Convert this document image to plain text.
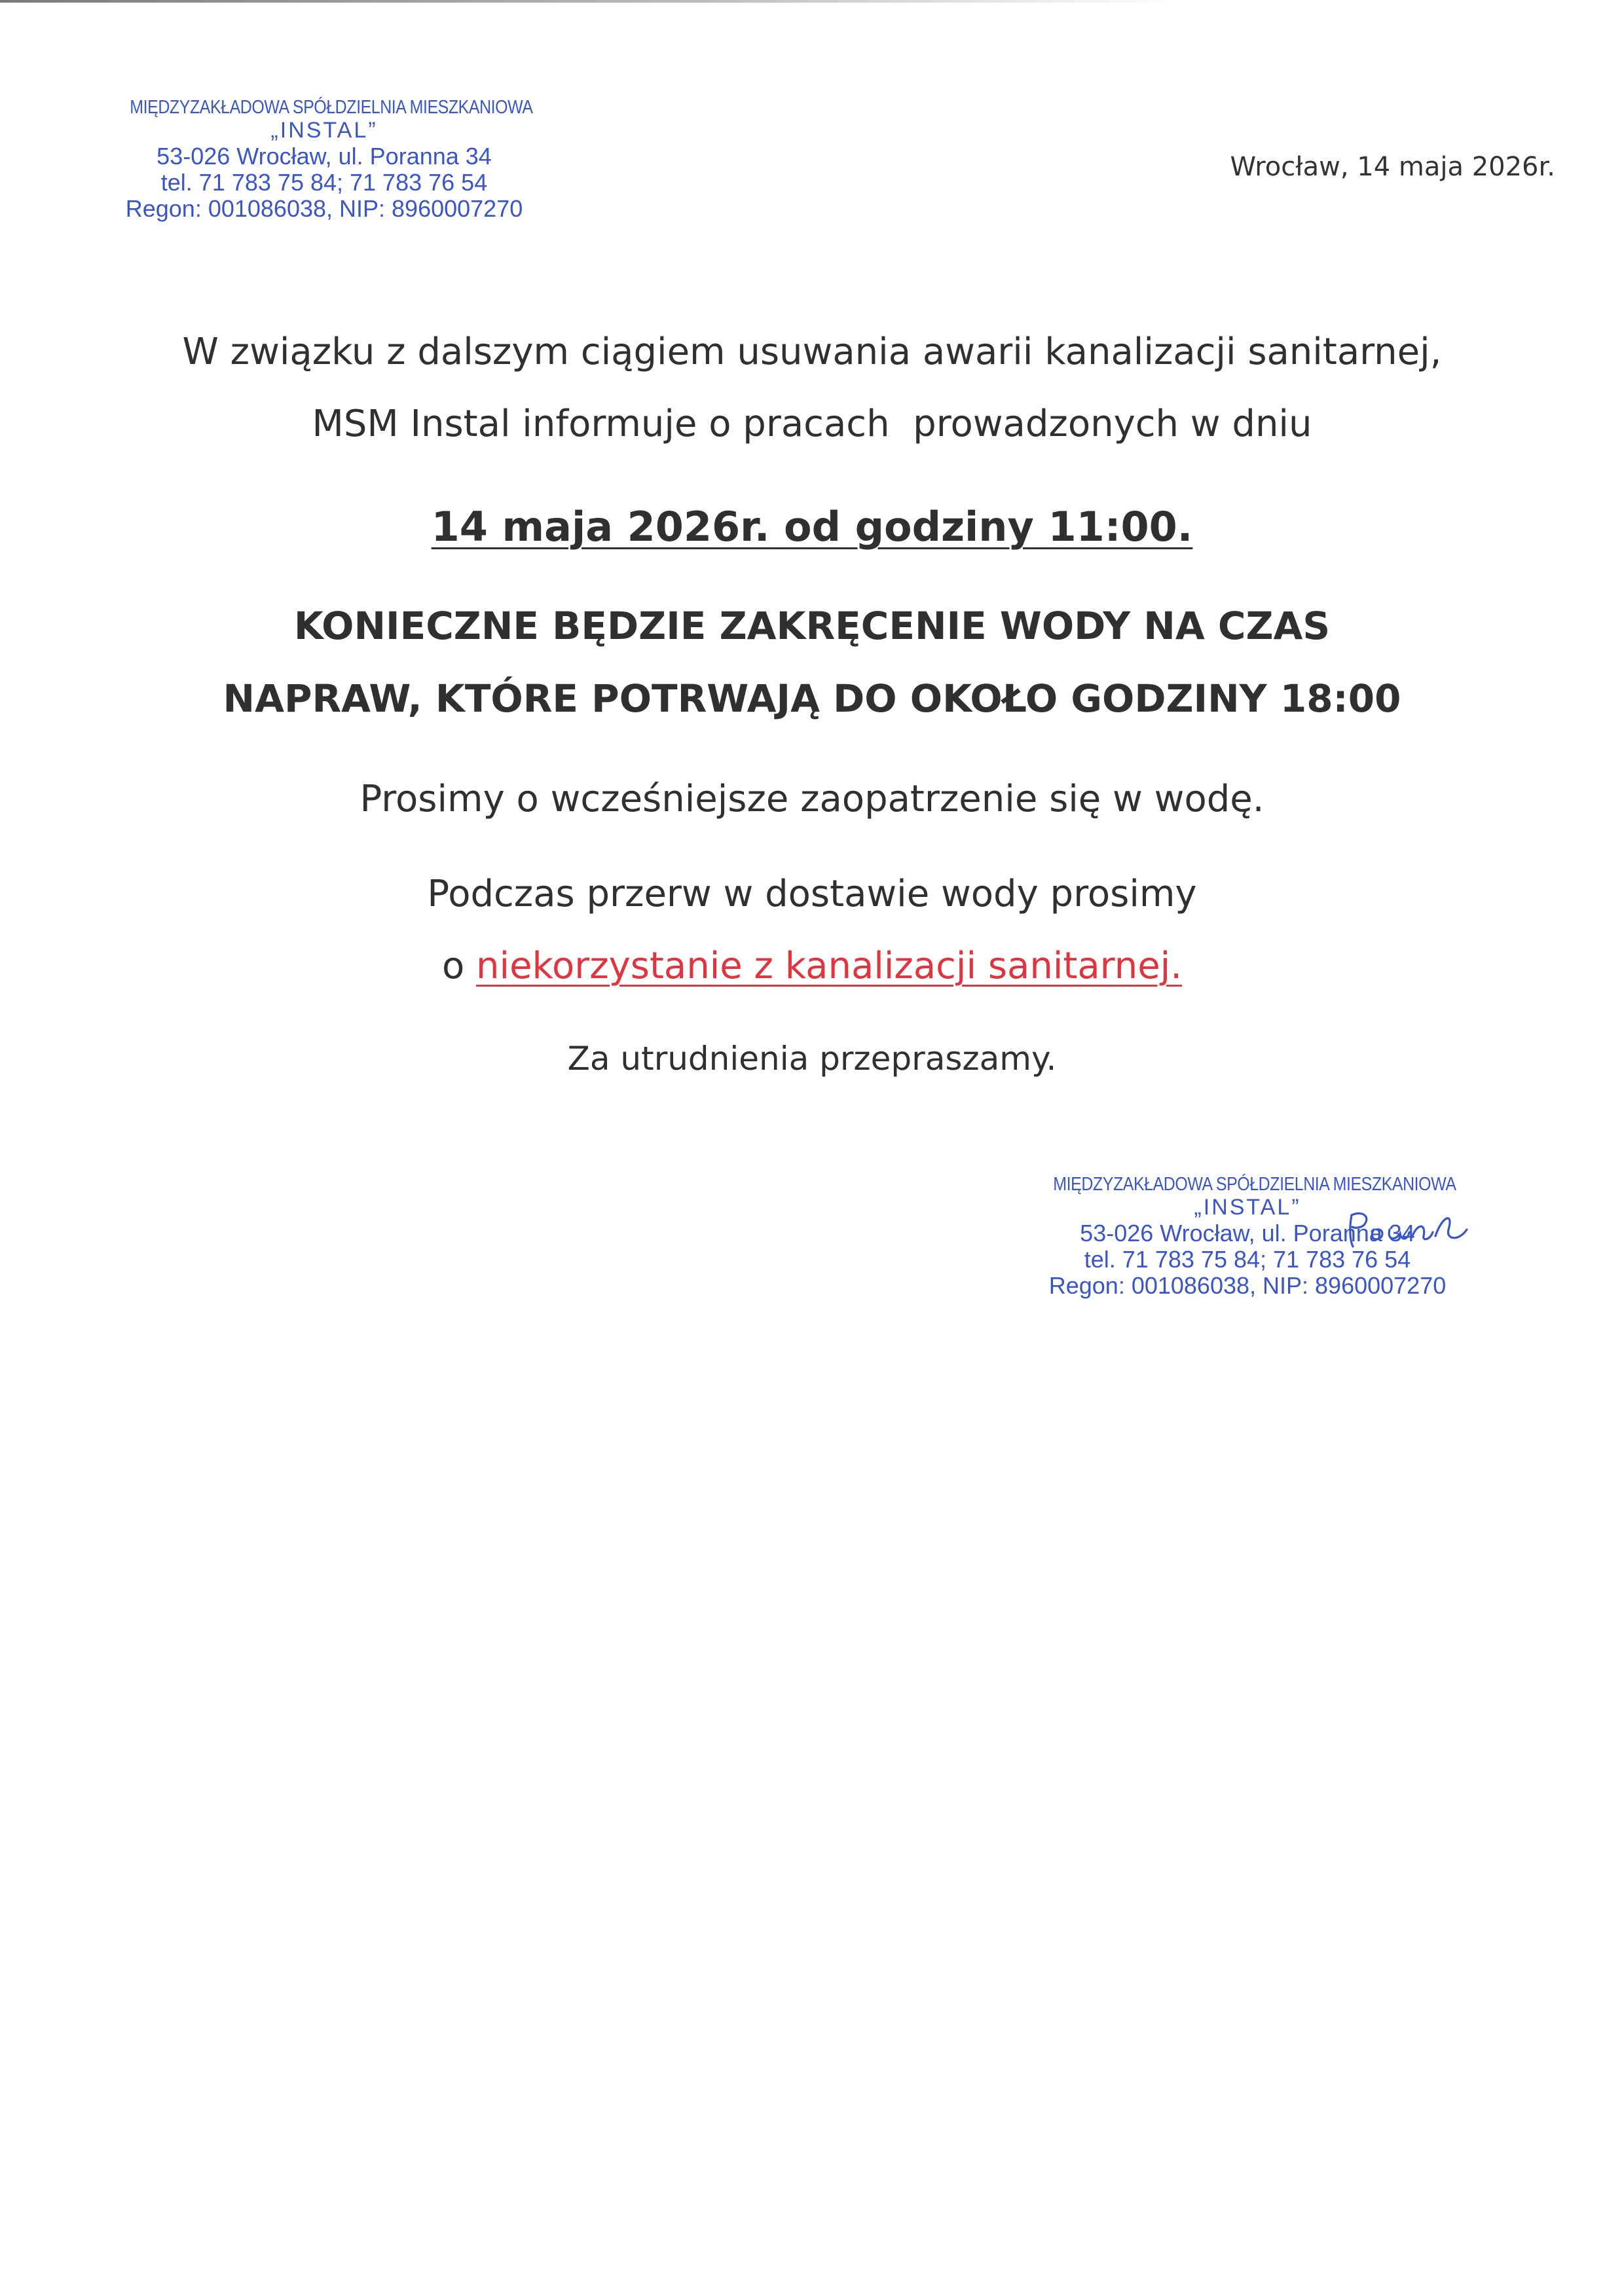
MIĘDZYZAKŁADOWA SPÓŁDZIELNIA MIESZKANIOWA
„INSTAL”
53-026 Wrocław, ul. Poranna 34
tel. 71 783 75 84; 71 783 76 54
Regon: 001086038, NIP: 8960007270
Wrocław, 14 maja 2026r.
W związku z dalszym ciągiem usuwania awarii kanalizacji sanitarnej,
MSM Instal informuje o pracach  prowadzonych w dniu
14 maja 2026r. od godziny 11:00.
KONIECZNE BĘDZIE ZAKRĘCENIE WODY NA CZAS
NAPRAW, KTÓRE POTRWAJĄ DO OKOŁO GODZINY 18:00
Prosimy o wcześniejsze zaopatrzenie się w wodę.
Podczas przerw w dostawie wody prosimy
o niekorzystanie z kanalizacji sanitarnej.
Za utrudnienia przepraszamy.
MIĘDZYZAKŁADOWA SPÓŁDZIELNIA MIESZKANIOWA
„INSTAL”
53-026 Wrocław, ul. Poranna 34
tel. 71 783 75 84; 71 783 76 54
Regon: 001086038, NIP: 8960007270
